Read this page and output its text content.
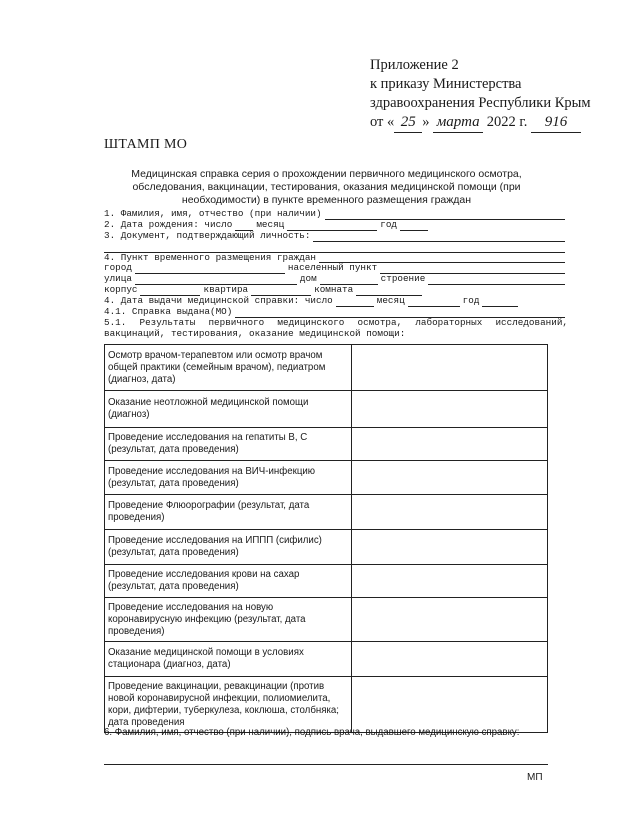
Приложение 2
к приказу Министерства
здравоохранения Республики Крым
от « 25 » марта 2022 г. 916
ШТАМП МО
Медицинская справка серия о прохождении первичного медицинского осмотра, обследования, вакцинации, тестирования, оказания медицинской помощи (при необходимости) в пункте временного размещения граждан
1. Фамилия, имя, отчество (при наличии)
2. Дата рождения: число	месяц	год
3. Документ, подтверждающий личность:
4. Пункт временного размещения граждан
город	населенный пункт
улица	дом	строение
корпус	квартира	комната
4. Дата выдачи медицинской справки: число	месяц	год
4.1. Справка выдана(МО)
5.1. Результаты первичного медицинского осмотра, лабораторных исследований, вакцинаций, тестирования, оказание медицинской помощи:
Осмотр врачом-терапевтом или осмотр врачом общей практики (семейным врачом), педиатром (диагноз, дата)	
Оказание неотложной медицинской помощи (диагноз)	
Проведение исследования на гепатиты В, С (результат, дата проведения)	
Проведение исследования на ВИЧ-инфекцию (результат, дата проведения)	
Проведение Флюорографии (результат, дата проведения)	
Проведение исследования на ИППП (сифилис) (результат, дата проведения)	
Проведение исследования крови на сахар (результат, дата проведения)	
Проведение исследования на новую коронавирусную инфекцию (результат, дата проведения)	
Оказание медицинской помощи в условиях стационара (диагноз, дата)	
Проведение вакцинации, ревакцинации (против новой коронавирусной инфекции, полиомиелита, кори, дифтерии, туберкулеза, коклюша, столбняка; дата проведения	
6. Фамилия, имя, отчество (при наличии), подпись врача, выдавшего медицинскую справку:
МП
